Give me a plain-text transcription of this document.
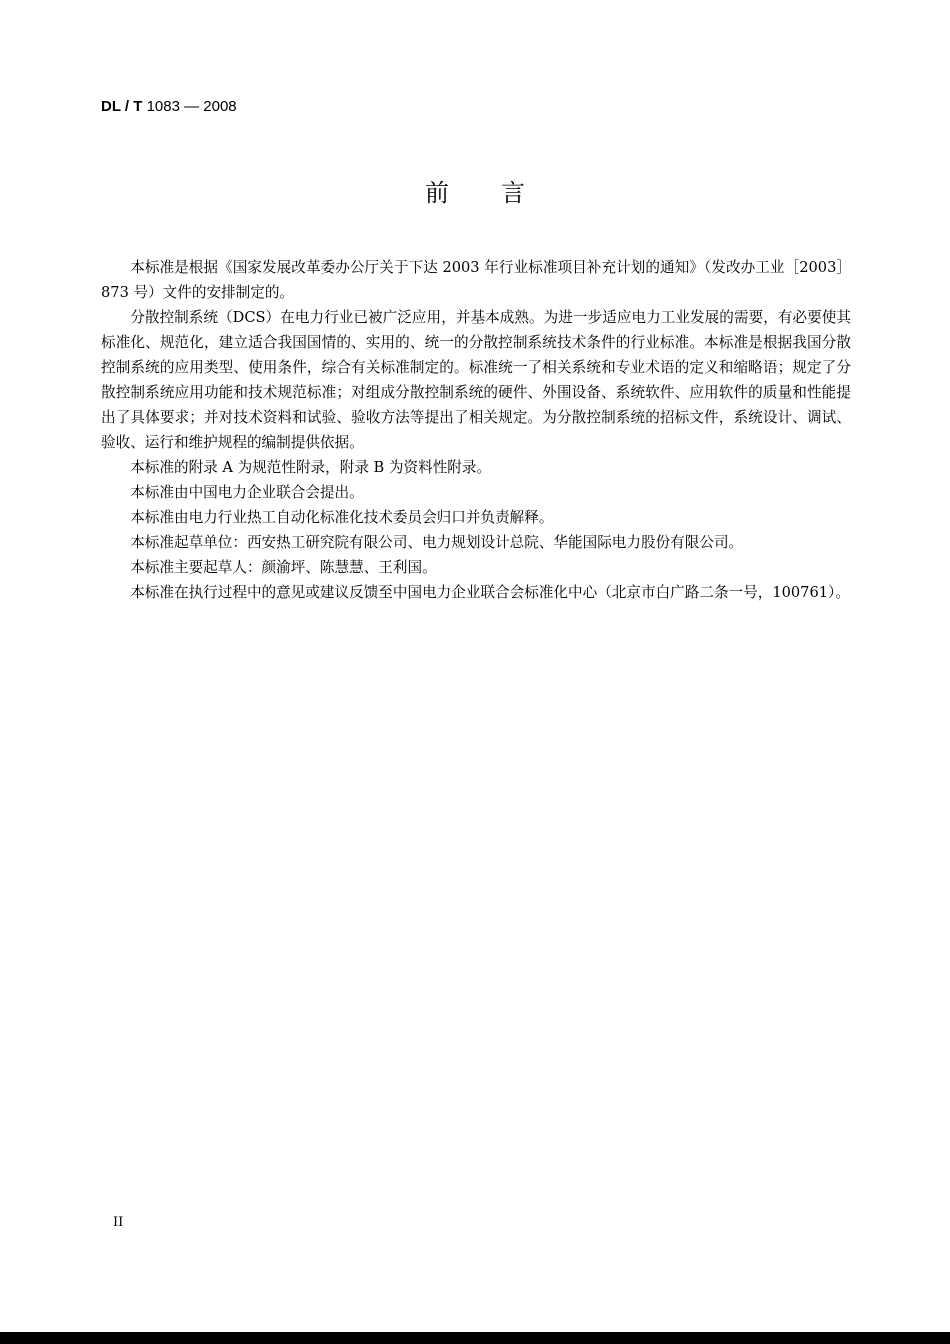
DL / T 1083 — 2008
前 言

本标准是根据《国家发展改革委办公厅关于下达 2003 年行业标准项目补充计划的通知》（发改办工业［2003］873 号）文件的安排制定的。

分散控制系统（DCS）在电力行业已被广泛应用，并基本成熟。为进一步适应电力工业发展的需要，有必要使其标准化、规范化，建立适合我国国情的、实用的、统一的分散控制系统技术条件的行业标准。本标准是根据我国分散控制系统的应用类型、使用条件，综合有关标准制定的。标准统一了相关系统和专业术语的定义和缩略语；规定了分散控制系统应用功能和技术规范标准；对组成分散控制系统的硬件、外围设备、系统软件、应用软件的质量和性能提出了具体要求；并对技术资料和试验、验收方法等提出了相关规定。为分散控制系统的招标文件，系统设计、调试、验收、运行和维护规程的编制提供依据。

本标准的附录 A 为规范性附录，附录 B 为资料性附录。

本标准由中国电力企业联合会提出。

本标准由电力行业热工自动化标准化技术委员会归口并负责解释。

本标准起草单位：西安热工研究院有限公司、电力规划设计总院、华能国际电力股份有限公司。

本标准主要起草人：颜渝坪、陈慧慧、王利国。

本标准在执行过程中的意见或建议反馈至中国电力企业联合会标准化中心（北京市白广路二条一号，100761）。

II
